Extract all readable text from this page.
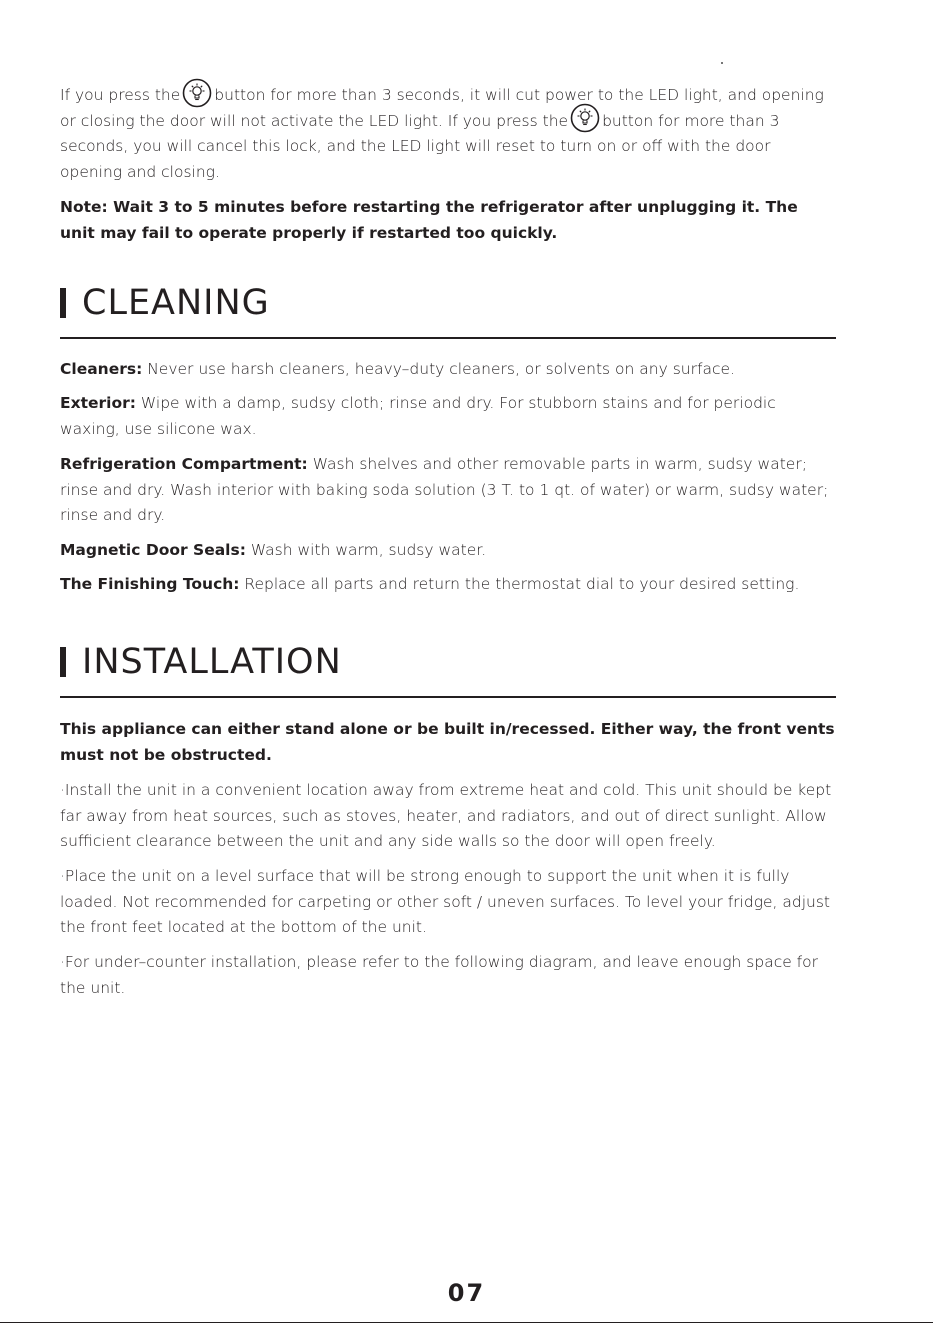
If you press the button for more than 3 seconds, it will cut power to the LED light, and opening or closing the door will not activate the LED light. If you press the button for more than 3 seconds, you will cancel this lock, and the LED light will reset to turn on or off with the door opening and closing.

Note: Wait 3 to 5 minutes before restarting the refrigerator after unplugging it. The unit may fail to operate properly if restarted too quickly.

CLEANING

Cleaners: Never use harsh cleaners, heavy–duty cleaners, or solvents on any surface.

Exterior: Wipe with a damp, sudsy cloth; rinse and dry. For stubborn stains and for periodic waxing, use silicone wax.

Refrigeration Compartment: Wash shelves and other removable parts in warm, sudsy water; rinse and dry. Wash interior with baking soda solution (3 T. to 1 qt. of water) or warm, sudsy water; rinse and dry.

Magnetic Door Seals: Wash with warm, sudsy water.

The Finishing Touch: Replace all parts and return the thermostat dial to your desired setting.

INSTALLATION

This appliance can either stand alone or be built in/recessed. Either way, the front vents must not be obstructed.

·Install the unit in a convenient location away from extreme heat and cold. This unit should be kept far away from heat sources, such as stoves, heater, and radiators, and out of direct sunlight. Allow sufficient clearance between the unit and any side walls so the door will open freely.

·Place the unit on a level surface that will be strong enough to support the unit when it is fully loaded. Not recommended for carpeting or other soft / uneven surfaces. To level your fridge, adjust the front feet located at the bottom of the unit.

·For under–counter installation, please refer to the following diagram, and leave enough space for the unit.

07
